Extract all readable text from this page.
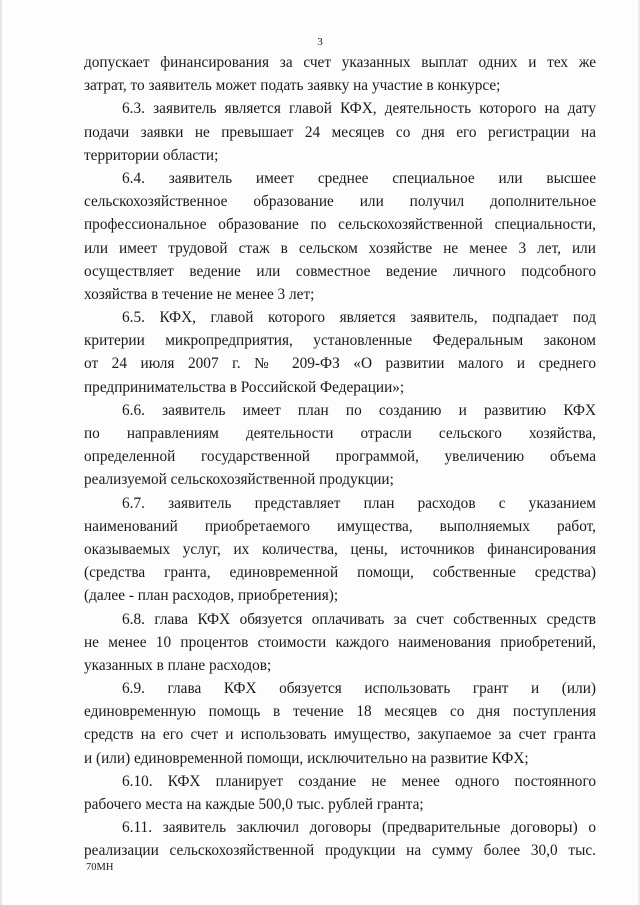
3
допускает финансирования за счет указанных выплат одних и тех же
затрат, то заявитель может подать заявку на участие в конкурсе;
6.3. заявитель является главой КФХ, деятельность которого на дату
подачи заявки не превышает 24 месяцев со дня его регистрации на
территории области;
6.4. заявитель имеет среднее специальное или высшее
сельскохозяйственное образование или получил дополнительное
профессиональное образование по сельскохозяйственной специальности,
или имеет трудовой стаж в сельском хозяйстве не менее 3 лет, или
осуществляет ведение или совместное ведение личного подсобного
хозяйства в течение не менее 3 лет;
6.5. КФХ, главой которого является заявитель, подпадает под
критерии микропредприятия, установленные Федеральным законом
от 24 июля 2007 г. № 209-ФЗ «О развитии малого и среднего
предпринимательства в Российской Федерации»;
6.6. заявитель имеет план по созданию и развитию КФХ
по направлениям деятельности отрасли сельского хозяйства,
определенной государственной программой, увеличению объема
реализуемой сельскохозяйственной продукции;
6.7. заявитель представляет план расходов с указанием
наименований приобретаемого имущества, выполняемых работ,
оказываемых услуг, их количества, цены, источников финансирования
(средства гранта, единовременной помощи, собственные средства)
(далее - план расходов, приобретения);
6.8. глава КФХ обязуется оплачивать за счет собственных средств
не менее 10 процентов стоимости каждого наименования приобретений,
указанных в плане расходов;
6.9. глава КФХ обязуется использовать грант и (или)
единовременную помощь в течение 18 месяцев со дня поступления
средств на его счет и использовать имущество, закупаемое за счет гранта
и (или) единовременной помощи, исключительно на развитие КФХ;
6.10. КФХ планирует создание не менее одного постоянного
рабочего места на каждые 500,0 тыс. рублей гранта;
6.11. заявитель заключил договоры (предварительные договоры) о
реализации сельскохозяйственной продукции на сумму более 30,0 тыс.
70МН
